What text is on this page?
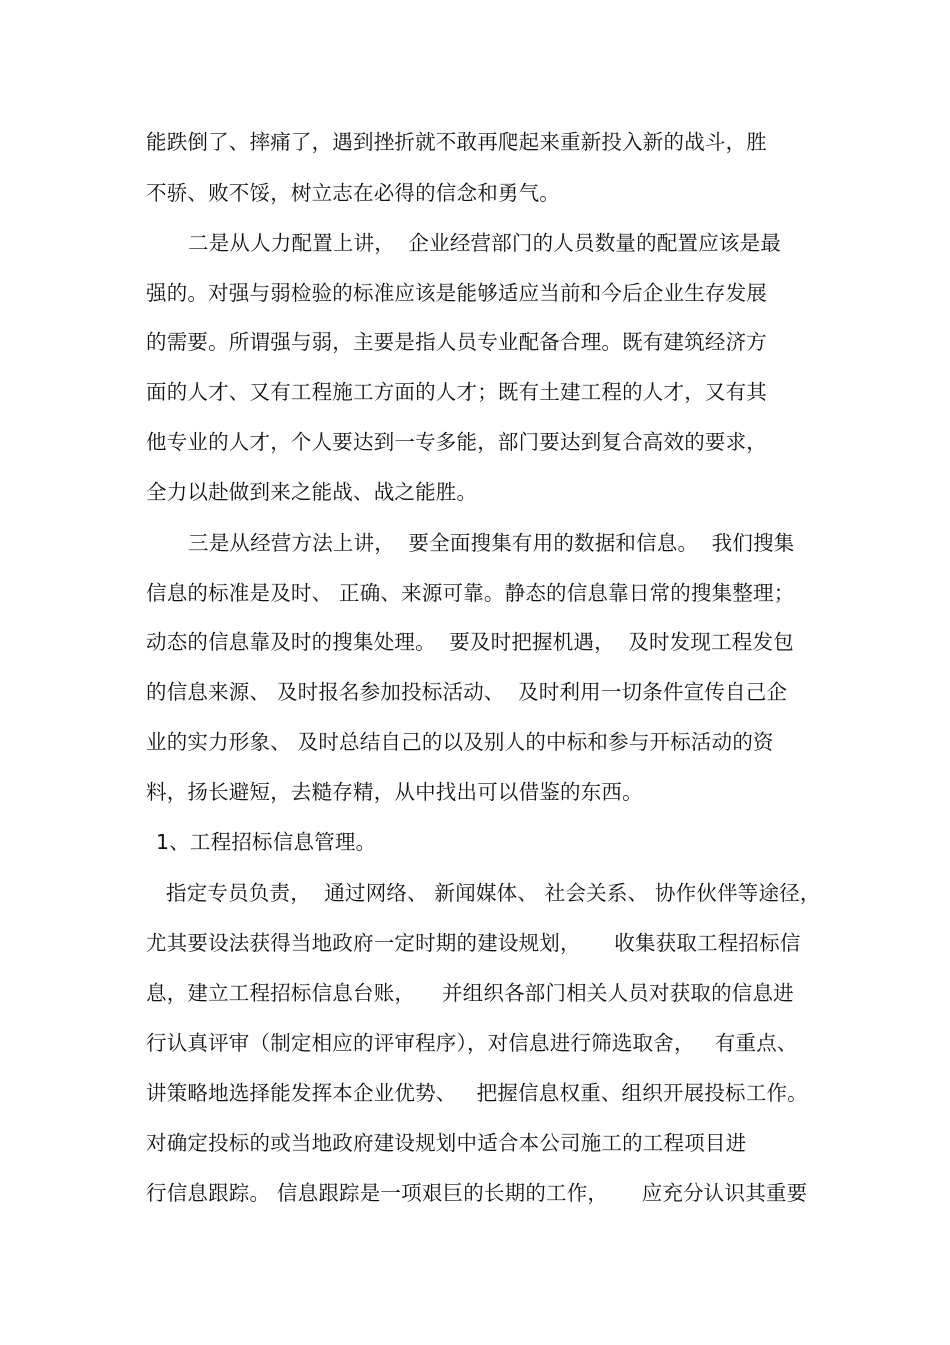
能跌倒了、摔痛了，遇到挫折就不敢再爬起来重新投入新的战斗，胜
不骄、败不馁，树立志在必得的信念和勇气。
二是从人力配置上讲，  企业经营部门的人员数量的配置应该是最
强的。对强与弱检验的标准应该是能够适应当前和今后企业生存发展
的需要。所谓强与弱，主要是指人员专业配备合理。既有建筑经济方
面的人才、又有工程施工方面的人才；既有土建工程的人才，又有其
他专业的人才，个人要达到一专多能，部门要达到复合高效的要求，
全力以赴做到来之能战、战之能胜。
三是从经营方法上讲，  要全面搜集有用的数据和信息。  我们搜集
信息的标准是及时、 正确、来源可靠。静态的信息靠日常的搜集整理；
动态的信息靠及时的搜集处理。  要及时把握机遇，  及时发现工程发包
的信息来源、 及时报名参加投标活动、  及时利用一切条件宣传自己企
业的实力形象、 及时总结自己的以及别人的中标和参与开标活动的资
料，扬长避短，去糙存精，从中找出可以借鉴的东西。
1、工程招标信息管理。
指定专员负责，  通过网络、 新闻媒体、 社会关系、 协作伙伴等途径，
尤其要设法获得当地政府一定时期的建设规划，     收集获取工程招标信
息，建立工程招标信息台账，    并组织各部门相关人员对获取的信息进
行认真评审（制定相应的评审程序），对信息进行筛选取舍，   有重点、
讲策略地选择能发挥本企业优势、   把握信息权重、组织开展投标工作。
对确定投标的或当地政府建设规划中适合本公司施工的工程项目进
行信息跟踪。 信息跟踪是一项艰巨的长期的工作，     应充分认识其重要
